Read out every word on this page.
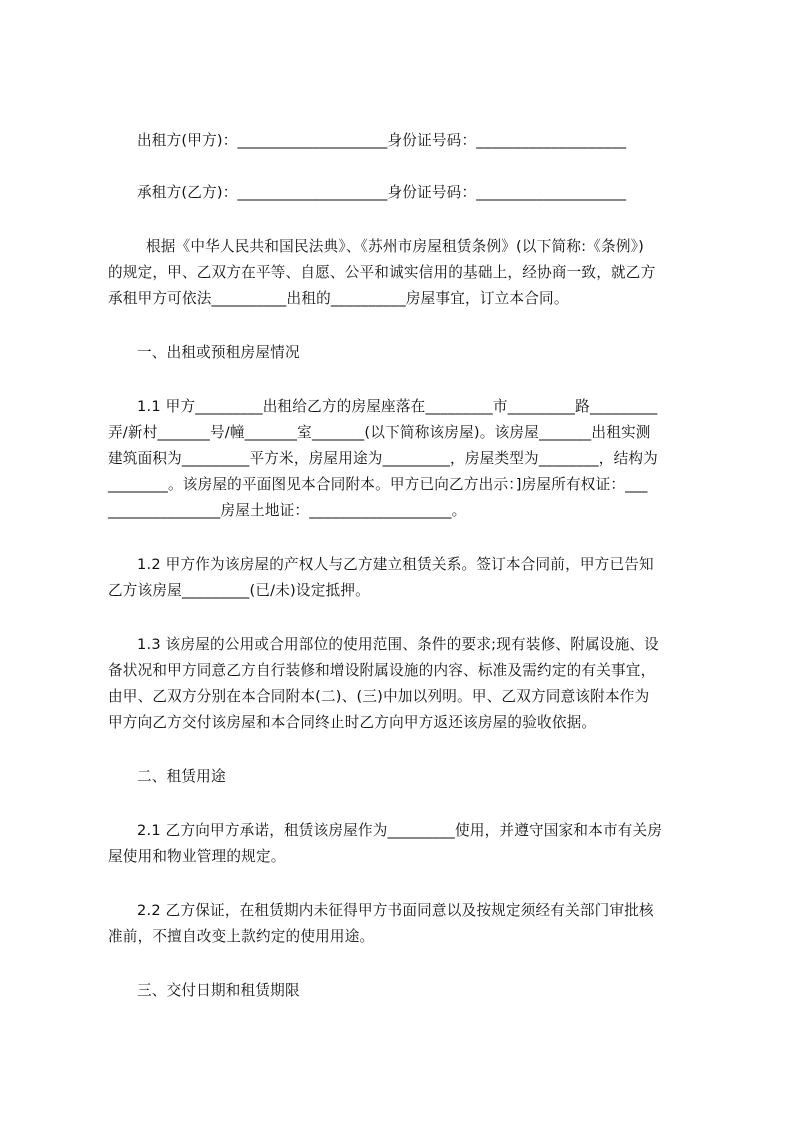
出租方(甲方)：____________________身份证号码：____________________
承租方(乙方)：____________________身份证号码：____________________
根据《中华人民共和国民法典》、《苏州市房屋租赁条例》(以下简称:《条例》)
的规定，甲、乙双方在平等、自愿、公平和诚实信用的基础上，经协商一致，就乙方
承租甲方可依法__________出租的__________房屋事宜，订立本合同。
一、出租或预租房屋情况
1.1 甲方_________出租给乙方的房屋座落在_________市_________路_________
弄/新村_______号/幢_______室_______(以下简称该房屋)。该房屋_______出租实测
建筑面积为_________平方米，房屋用途为_________，房屋类型为________，结构为
________。该房屋的平面图见本合同附本。甲方已向乙方出示：]房屋所有权证：___
_______________房屋土地证：___________________。
1.2 甲方作为该房屋的产权人与乙方建立租赁关系。签订本合同前，甲方已告知
乙方该房屋_________(已/未)设定抵押。
1.3 该房屋的公用或合用部位的使用范围、条件的要求;现有装修、附属设施、设
备状况和甲方同意乙方自行装修和增设附属设施的内容、标准及需约定的有关事宜，
由甲、乙双方分别在本合同附本(二)、(三)中加以列明。甲、乙双方同意该附本作为
甲方向乙方交付该房屋和本合同终止时乙方向甲方返还该房屋的验收依据。
二、租赁用途
2.1 乙方向甲方承诺，租赁该房屋作为_________使用，并遵守国家和本市有关房
屋使用和物业管理的规定。
2.2 乙方保证，在租赁期内未征得甲方书面同意以及按规定须经有关部门审批核
准前，不擅自改变上款约定的使用用途。
三、交付日期和租赁期限
